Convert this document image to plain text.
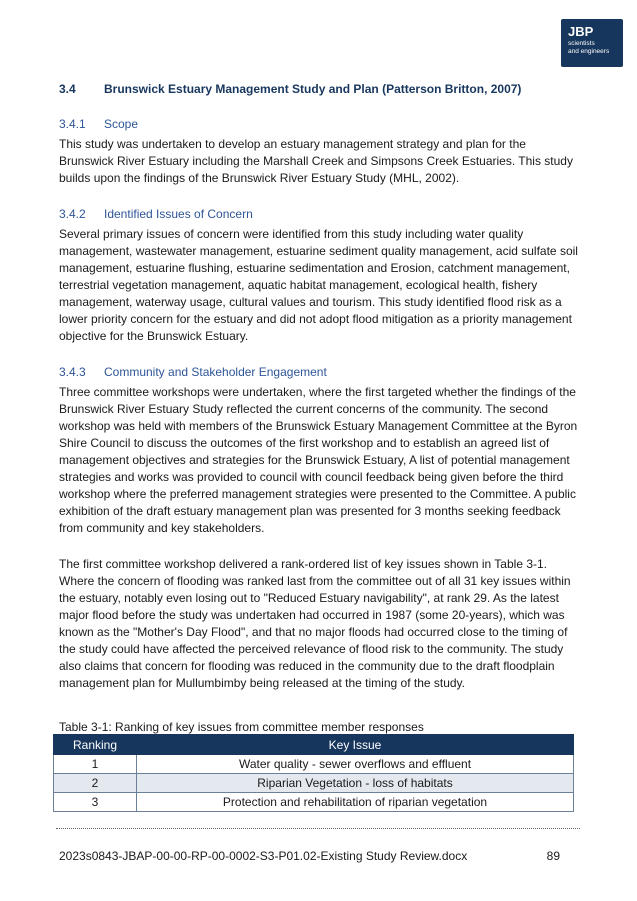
JBP
scientists
and engineers
3.4 Brunswick Estuary Management Study and Plan (Patterson Britton, 2007)
3.4.1 Scope

This study was undertaken to develop an estuary management strategy and plan for the Brunswick River Estuary including the Marshall Creek and Simpsons Creek Estuaries. This study builds upon the findings of the Brunswick River Estuary Study (MHL, 2002).

3.4.2 Identified Issues of Concern

Several primary issues of concern were identified from this study including water quality management, wastewater management, estuarine sediment quality management, acid sulfate soil management, estuarine flushing, estuarine sedimentation and Erosion, catchment management, terrestrial vegetation management, aquatic habitat management, ecological health, fishery management, waterway usage, cultural values and tourism. This study identified flood risk as a lower priority concern for the estuary and did not adopt flood mitigation as a priority management objective for the Brunswick Estuary.

3.4.3 Community and Stakeholder Engagement

Three committee workshops were undertaken, where the first targeted whether the findings of the Brunswick River Estuary Study reflected the current concerns of the community. The second workshop was held with members of the Brunswick Estuary Management Committee at the Byron Shire Council to discuss the outcomes of the first workshop and to establish an agreed list of management objectives and strategies for the Brunswick Estuary, A list of potential management strategies and works was provided to council with council feedback being given before the third workshop where the preferred management strategies were presented to the Committee. A public exhibition of the draft estuary management plan was presented for 3 months seeking feedback from community and key stakeholders.

The first committee workshop delivered a rank-ordered list of key issues shown in Table 3-1. Where the concern of flooding was ranked last from the committee out of all 31 key issues within the estuary, notably even losing out to "Reduced Estuary navigability", at rank 29. As the latest major flood before the study was undertaken had occurred in 1987 (some 20-years), which was known as the "Mother's Day Flood", and that no major floods had occurred close to the timing of the study could have affected the perceived relevance of flood risk to the community. The study also claims that concern for flooding was reduced in the community due to the draft floodplain management plan for Mullumbimby being released at the timing of the study.

Table 3-1: Ranking of key issues from committee member responses
Ranking	Key Issue
1	Water quality - sewer overflows and effluent
2	Riparian Vegetation - loss of habitats
3	Protection and rehabilitation of riparian vegetation
2023s0843-JBAP-00-00-RP-00-0002-S3-P01.02-Existing Study Review.docx	89
